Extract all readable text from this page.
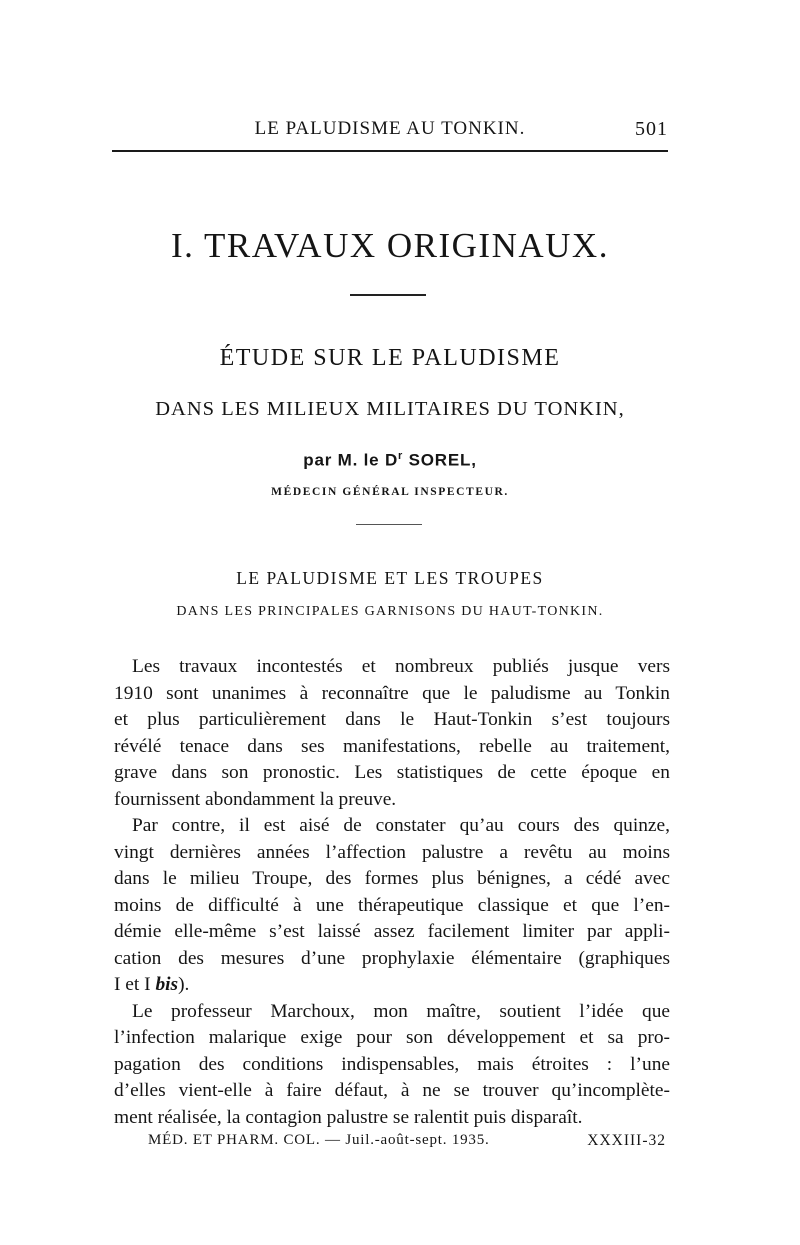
LE PALUDISME AU TONKIN.	501
I. TRAVAUX ORIGINAUX.
ÉTUDE SUR LE PALUDISME
DANS LES MILIEUX MILITAIRES DU TONKIN,
par M. le $D^r$ SOREL,
MÉDECIN GÉNÉRAL INSPECTEUR.
LE PALUDISME ET LES TROUPES
DANS LES PRINCIPALES GARNISONS DU HAUT-TONKIN.
Les travaux incontestés et nombreux publiés jusque vers
1910 sont unanimes à reconnaître que le paludisme au Tonkin
et plus particulièrement dans le Haut-Tonkin s’est toujours
révélé tenace dans ses manifestations, rebelle au traitement,
grave dans son pronostic. Les statistiques de cette époque en
fournissent abondamment la preuve.
Par contre, il est aisé de constater qu’au cours des quinze,
vingt dernières années l’affection palustre a revêtu au moins
dans le milieu Troupe, des formes plus bénignes, a cédé avec
moins de difficulté à une thérapeutique classique et que l’en-
démie elle-même s’est laissé assez facilement limiter par appli-
cation des mesures d’une prophylaxie élémentaire (graphiques
I et I bis).
Le professeur Marchoux, mon maître, soutient l’idée que
l’infection malarique exige pour son développement et sa pro-
pagation des conditions indispensables, mais étroites : l’une
d’elles vient-elle à faire défaut, à ne se trouver qu’incomplète-
ment réalisée, la contagion palustre se ralentit puis disparaît.
MÉD. ET PHARM. COL. — Juil.-août-sept. 1935.	XXXIII-32
